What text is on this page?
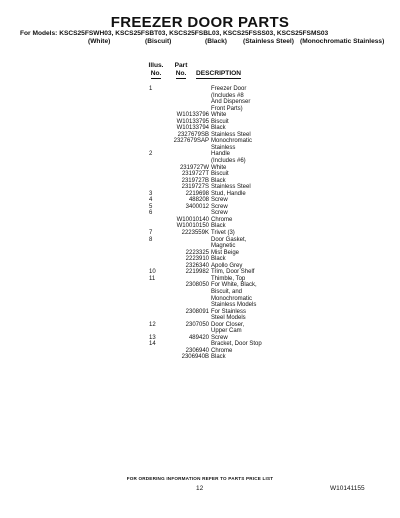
FREEZER DOOR PARTS
For Models: KSCS25FSWH03, KSCS25FSBT03, KSCS25FSBL03, KSCS25FSSS03, KSCS25FSMS03
(White)	(Biscuit)	(Black) (Stainless Steel) (Monochromatic Stainless)
Illus.
No.
Part
No.	DESCRIPTION
1	Freezer Door
(Includes #8
And Dispenser
Front Parts)
W10133796 White
W10133795 Biscuit
W10133794 Black
2327679SB Stainless Steel
2327679SAP Monochromatic
Stainless
2	Handle
(Includes #6)
2319727W White
2319727T Biscuit
2319727B Black
2319727S Stainless Steel
3	2219698 Stud, Handle
4	488208 Screw
5	3400012 Screw
6	Screw
W10010140 Chrome
W10010150 Black
7	2223559K Trivet (3)
8	Door Gasket,
Magnetic
2223325 Mist Beige
2223910 Black
2326340 Apollo Grey
10	2219982 Trim, Door Shelf
11	Thimble, Top
2308050 For White, Black,
Biscuit, and
Monochromatic
Stainless Models
2308091 For Stainless
Steel Models
12	2307050 Door Closer,
Upper Cam
13	489420 Screw
14	Bracket, Door Stop
2306940 Chrome
2306940B Black
FOR ORDERING INFORMATION REFER TO PARTS PRICE LIST
12	W10141155
